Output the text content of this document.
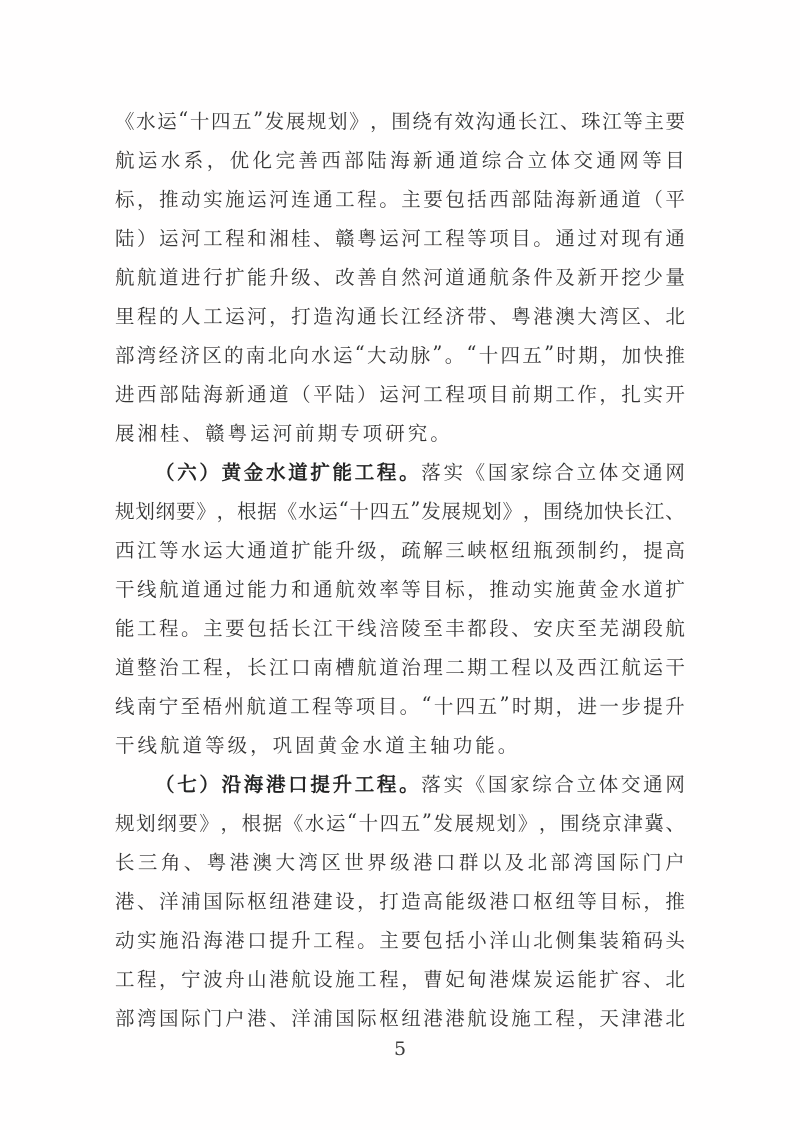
《 水 运 “ 十 四 五 ” 发 展 规 划 》 ， 围 绕 有 效 沟 通 长 江 、 珠 江 等 主 要
航 运 水 系 ， 优 化 完 善 西 部 陆 海 新 通 道 综 合 立 体 交 通 网 等 目
标 ， 推 动 实 施 运 河 连 通 工 程 。 主 要 包 括 西 部 陆 海 新 通 道 （ 平
陆 ） 运 河 工 程 和 湘 桂 、 赣 粤 运 河 工 程 等 项 目 。 通 过 对 现 有 通
航 航 道 进 行 扩 能 升 级 、 改 善 自 然 河 道 通 航 条 件 及 新 开 挖 少 量
里 程 的 人 工 运 河 ， 打 造 沟 通 长 江 经 济 带 、 粤 港 澳 大 湾 区 、 北
部 湾 经 济 区 的 南 北 向 水 运 “ 大 动 脉 ” 。 “ 十 四 五 ” 时 期 ， 加 快 推
进 西 部 陆 海 新 通 道 （ 平 陆 ） 运 河 工 程 项 目 前 期 工 作 ， 扎 实 开
展 湘 桂 、 赣 粤 运 河 前 期 专 项 研 究 。
（ 六 ） 黄 金 水 道 扩 能 工 程 。 落 实 《 国 家 综 合 立 体 交 通 网
规 划 纲 要 》 ， 根 据 《 水 运 “ 十 四 五 ” 发 展 规 划 》 ， 围 绕 加 快 长 江 、
西 江 等 水 运 大 通 道 扩 能 升 级 ， 疏 解 三 峡 枢 纽 瓶 颈 制 约 ， 提 高
干 线 航 道 通 过 能 力 和 通 航 效 率 等 目 标 ， 推 动 实 施 黄 金 水 道 扩
能 工 程 。 主 要 包 括 长 江 干 线 涪 陵 至 丰 都 段 、 安 庆 至 芜 湖 段 航
道 整 治 工 程 ， 长 江 口 南 槽 航 道 治 理 二 期 工 程 以 及 西 江 航 运 干
线 南 宁 至 梧 州 航 道 工 程 等 项 目 。 “ 十 四 五 ” 时 期 ， 进 一 步 提 升
干 线 航 道 等 级 ， 巩 固 黄 金 水 道 主 轴 功 能 。
（ 七 ） 沿 海 港 口 提 升 工 程 。 落 实 《 国 家 综 合 立 体 交 通 网
规 划 纲 要 》 ， 根 据 《 水 运 “ 十 四 五 ” 发 展 规 划 》 ， 围 绕 京 津 冀 、
长 三 角 、 粤 港 澳 大 湾 区 世 界 级 港 口 群 以 及 北 部 湾 国 际 门 户
港 、 洋 浦 国 际 枢 纽 港 建 设 ， 打 造 高 能 级 港 口 枢 纽 等 目 标 ， 推
动 实 施 沿 海 港 口 提 升 工 程 。 主 要 包 括 小 洋 山 北 侧 集 装 箱 码 头
工 程 ， 宁 波 舟 山 港 航 设 施 工 程 ， 曹 妃 甸 港 煤 炭 运 能 扩 容 、 北
部 湾 国 际 门 户 港 、 洋 浦 国 际 枢 纽 港 港 航 设 施 工 程 ， 天 津 港 北
5
